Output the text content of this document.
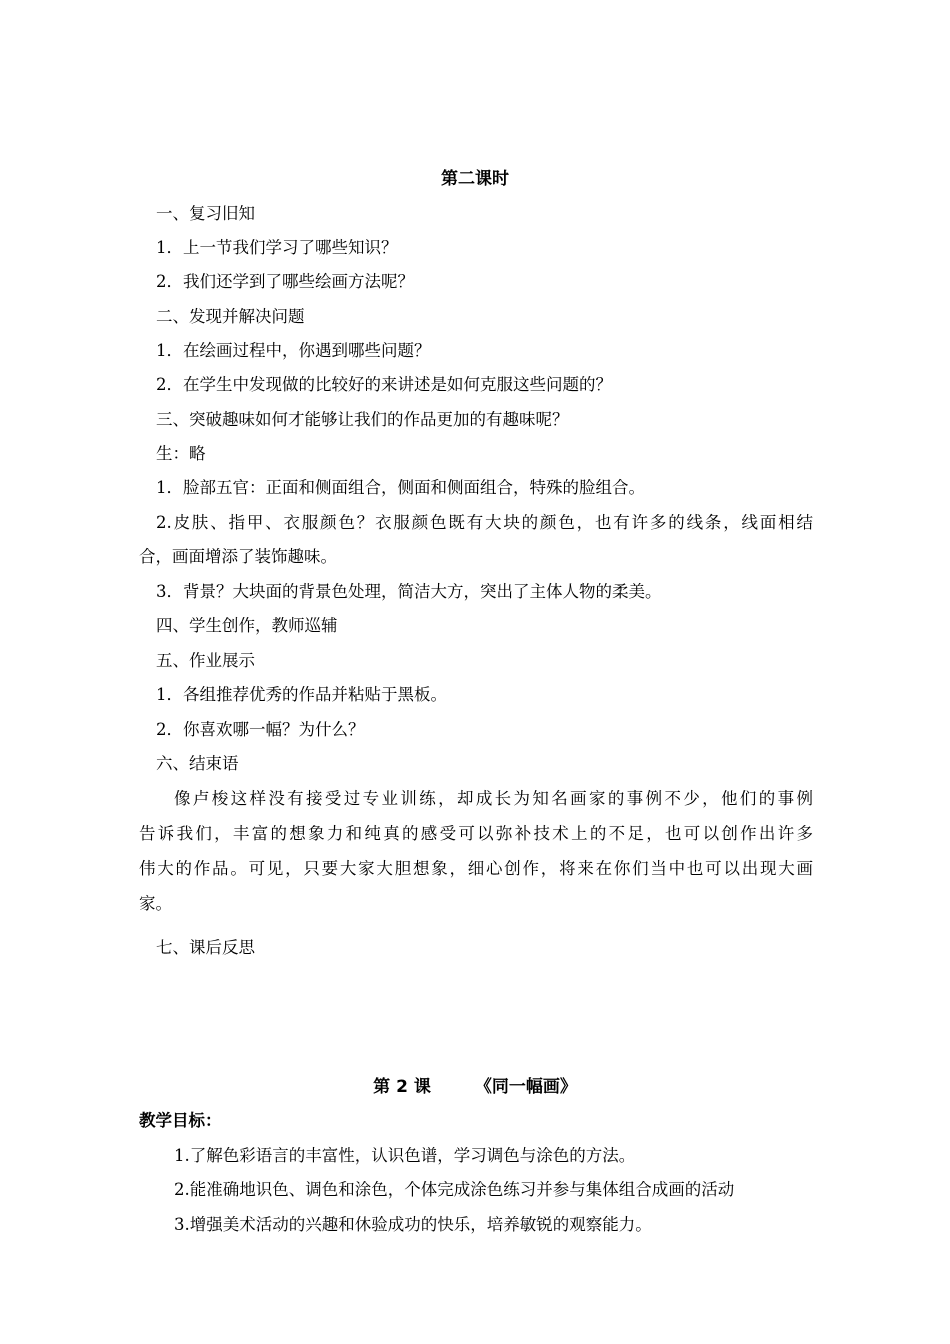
第二课时
一、复习旧知
1．上一节我们学习了哪些知识？
2．我们还学到了哪些绘画方法呢？
二、发现并解决问题
1．在绘画过程中，你遇到哪些问题？
2．在学生中发现做的比较好的来讲述是如何克服这些问题的？
三、突破趣味如何才能够让我们的作品更加的有趣味呢？
生：略
1．脸部五官：正面和侧面组合，侧面和侧面组合，特殊的脸组合。
2.皮肤、指甲、衣服颜色？衣服颜色既有大块的颜色，也有许多的线条，线面相结
合，画面增添了装饰趣味。
3．背景？大块面的背景色处理，简洁大方，突出了主体人物的柔美。
四、学生创作，教师巡辅
五、作业展示
1．各组推荐优秀的作品并粘贴于黑板。
2．你喜欢哪一幅？为什么？
六、结束语
像卢梭这样没有接受过专业训练，却成长为知名画家的事例不少，他们的事例
告诉我们，丰富的想象力和纯真的感受可以弥补技术上的不足，也可以创作出许多
伟大的作品。可见，只要大家大胆想象，细心创作，将来在你们当中也可以出现大画
家。
七、课后反思
第 2 课	《同一幅画》
教学目标：
1.了解色彩语言的丰富性，认识色谱，学习调色与涂色的方法。
2.能准确地识色、调色和涂色，个体完成涂色练习并参与集体组合成画的活动
3.增强美术活动的兴趣和休验成功的快乐，培养敏锐的观察能力。
